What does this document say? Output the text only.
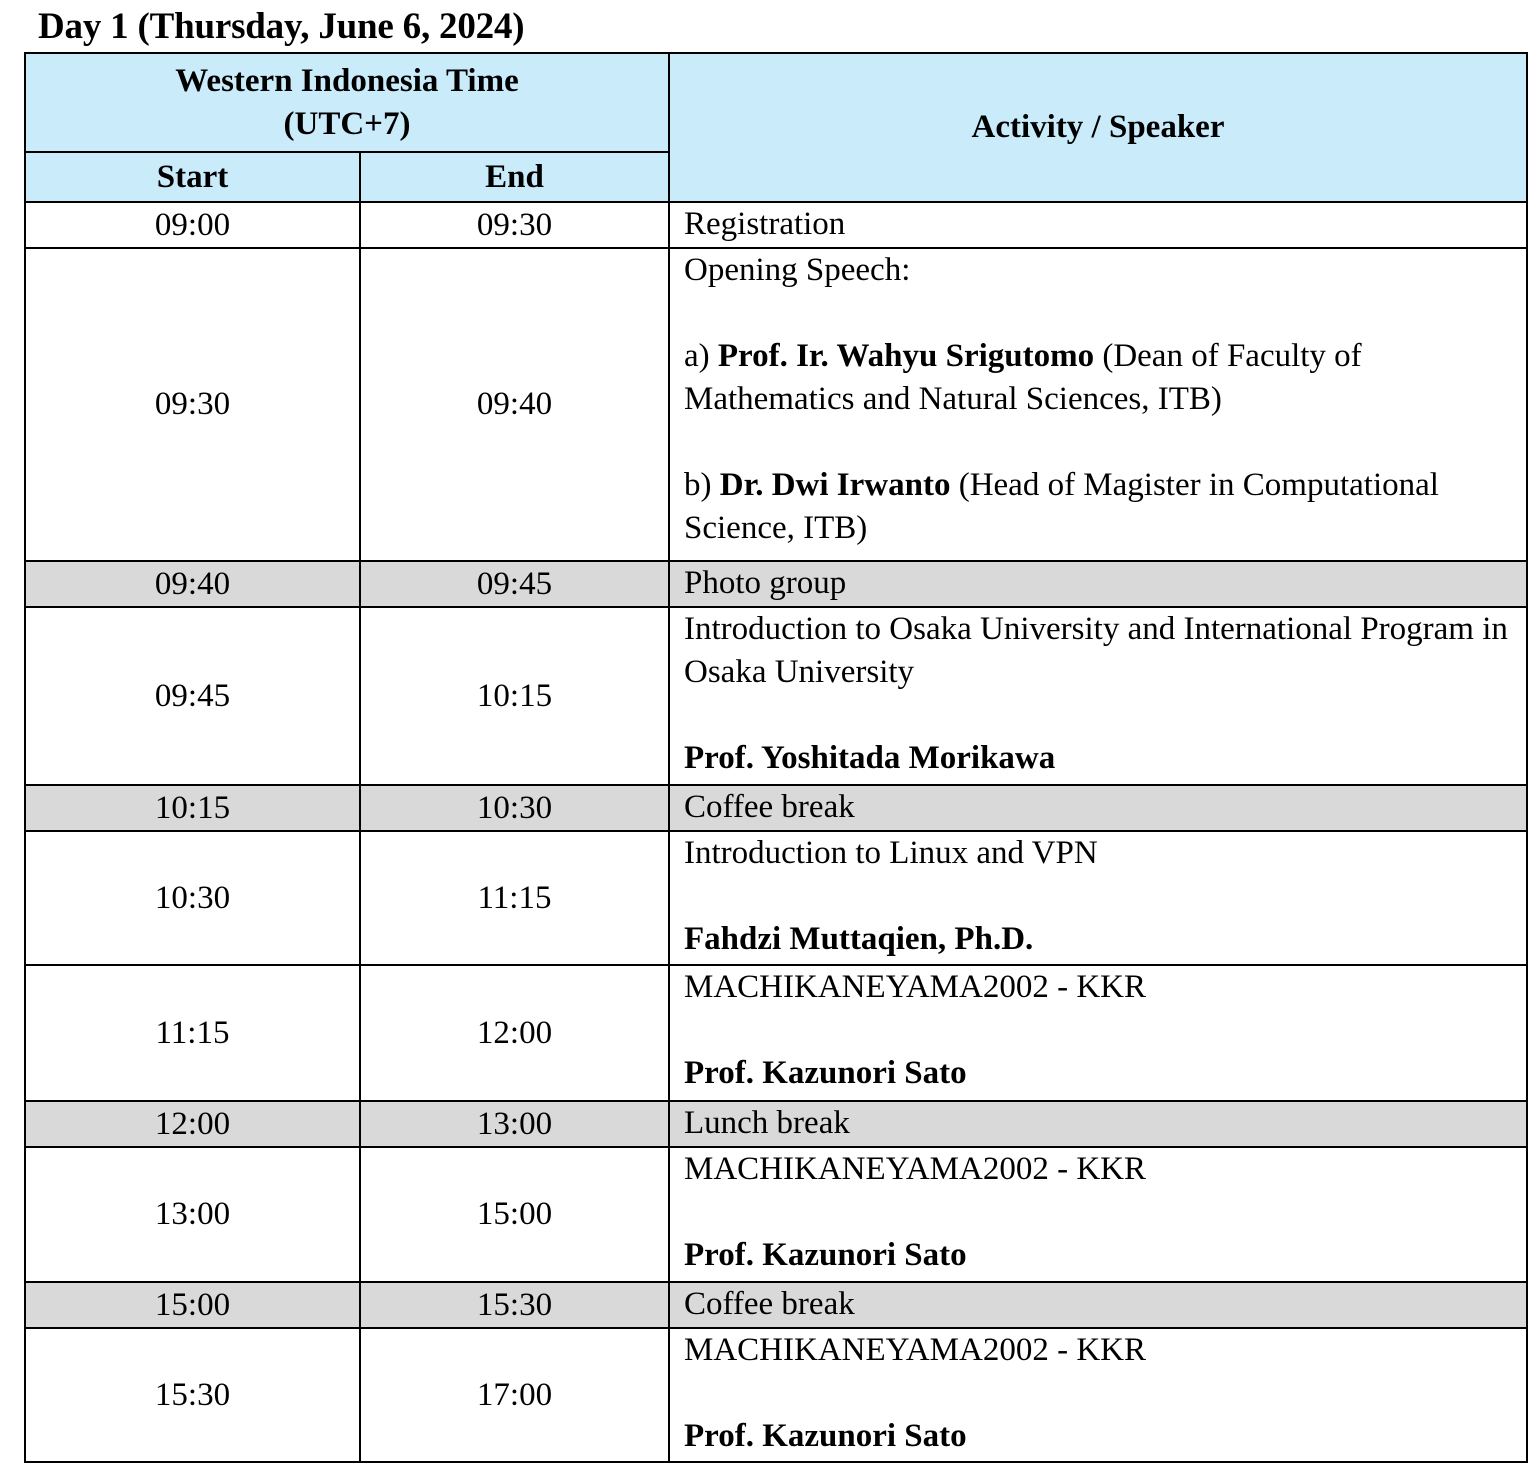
Day 1 (Thursday, June 6, 2024)
Western Indonesia Time
(UTC+7)		Activity / Speaker
Start	End	
09:00	09:30	Registration
09:30	09:40	Opening Speech:
a) Prof. Ir. Wahyu Srigutomo (Dean of Faculty of Mathematics and Natural Sciences, ITB)
b) Dr. Dwi Irwanto (Head of Magister in Computational Science, ITB)

09:40	09:45	Photo group
09:45	10:15	Introduction to Osaka University and International Program in Osaka University
Prof. Yoshitada Morikawa

10:15	10:30	Coffee break
10:30	11:15	Introduction to Linux and VPN
Fahdzi Muttaqien, Ph.D.

11:15	12:00	MACHIKANEYAMA2002 - KKR
Prof. Kazunori Sato

12:00	13:00	Lunch break
13:00	15:00	MACHIKANEYAMA2002 - KKR
Prof. Kazunori Sato

15:00	15:30	Coffee break
15:30	17:00	MACHIKANEYAMA2002 - KKR
Prof. Kazunori Sato
